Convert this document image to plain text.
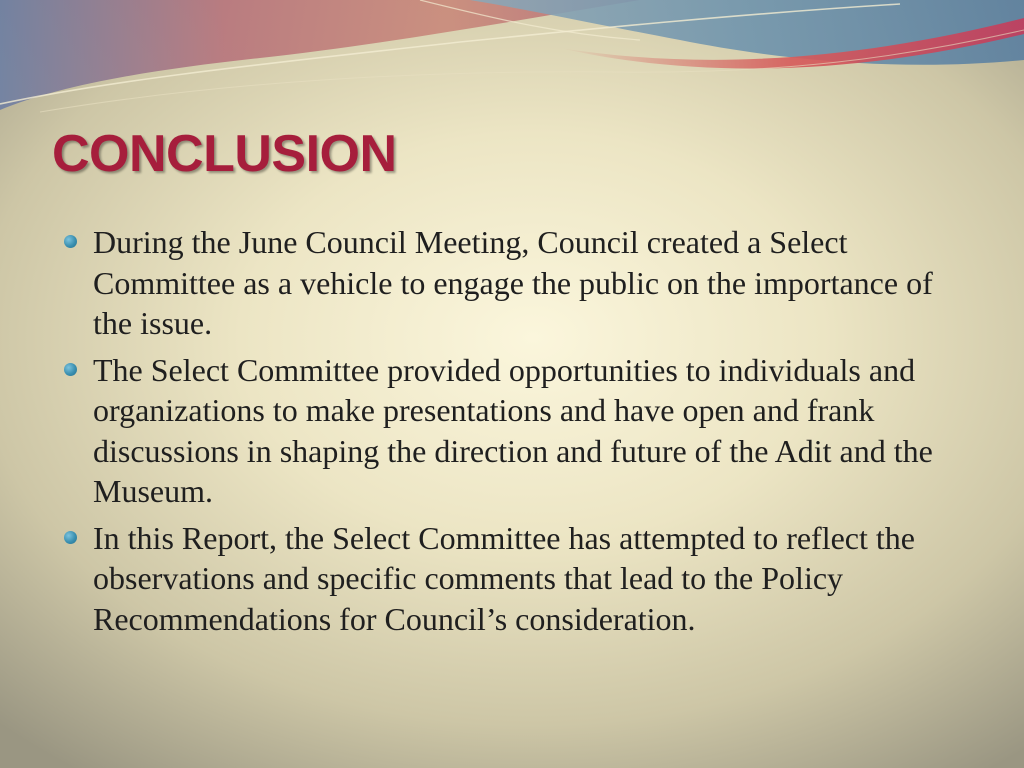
CONCLUSION
During the June Council Meeting, Council created a Select Committee as a vehicle to engage the public on the importance of the issue.
The Select Committee provided opportunities to individuals and organizations to make presentations and have open and frank discussions in shaping the direction and future of the Adit and the Museum.
In this Report, the Select Committee has attempted to reflect the observations and specific comments that lead to the Policy Recommendations for Council’s consideration.
